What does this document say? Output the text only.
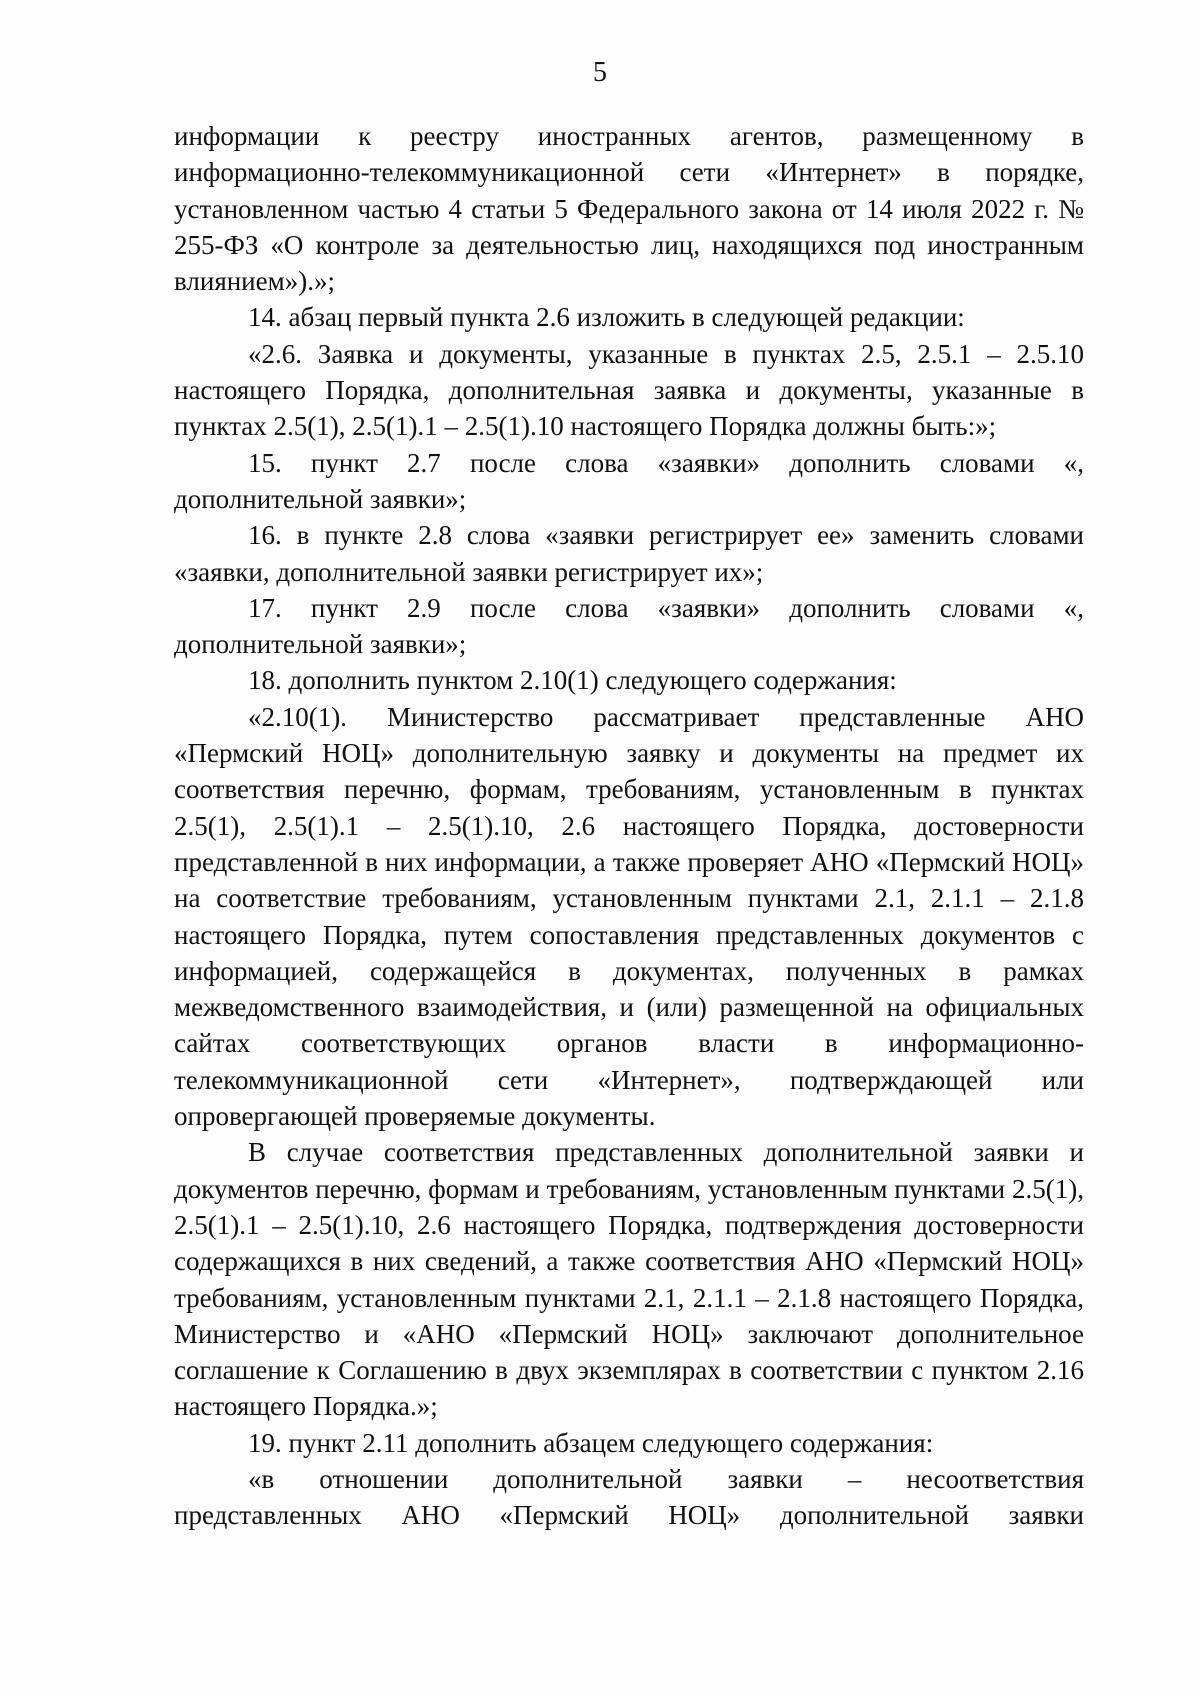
5

информации к реестру иностранных агентов, размещенному в информационно-телекоммуникационной сети «Интернет» в порядке, установленном частью 4 статьи 5 Федерального закона от 14 июля 2022 г. № 255-ФЗ «О контроле за деятельностью лиц, находящихся под иностранным влиянием»).»;

14. абзац первый пункта 2.6 изложить в следующей редакции:

«2.6. Заявка и документы, указанные в пунктах 2.5, 2.5.1 – 2.5.10 настоящего Порядка, дополнительная заявка и документы, указанные в пунктах 2.5(1), 2.5(1).1 – 2.5(1).10 настоящего Порядка должны быть:»;

15. пункт 2.7 после слова «заявки» дополнить словами «, дополнительной заявки»;

16. в пункте 2.8 слова «заявки регистрирует ее» заменить словами «заявки, дополнительной заявки регистрирует их»;

17. пункт 2.9 после слова «заявки» дополнить словами «, дополнительной заявки»;

18. дополнить пунктом 2.10(1) следующего содержания:

«2.10(1). Министерство рассматривает представленные АНО «Пермский НОЦ» дополнительную заявку и документы на предмет их соответствия перечню, формам, требованиям, установленным в пунктах 2.5(1), 2.5(1).1 – 2.5(1).10, 2.6 настоящего Порядка, достоверности представленной в них информации, а также проверяет АНО «Пермский НОЦ» на соответствие требованиям, установленным пунктами 2.1, 2.1.1 – 2.1.8 настоящего Порядка, путем сопоставления представленных документов с информацией, содержащейся в документах, полученных в рамках межведомственного взаимодействия, и (или) размещенной на официальных сайтах соответствующих органов власти в информационно-телекоммуникационной сети «Интернет», подтверждающей или опровергающей проверяемые документы.

В случае соответствия представленных дополнительной заявки и документов перечню, формам и требованиям, установленным пунктами 2.5(1), 2.5(1).1 – 2.5(1).10, 2.6 настоящего Порядка, подтверждения достоверности содержащихся в них сведений, а также соответствия АНО «Пермский НОЦ» требованиям, установленным пунктами 2.1, 2.1.1 – 2.1.8 настоящего Порядка, Министерство и «АНО «Пермский НОЦ» заключают дополнительное соглашение к Соглашению в двух экземплярах в соответствии с пунктом 2.16 настоящего Порядка.»;

19. пункт 2.11 дополнить абзацем следующего содержания:

«в отношении дополнительной заявки – несоответствия представленных АНО «Пермский НОЦ» дополнительной заявки
